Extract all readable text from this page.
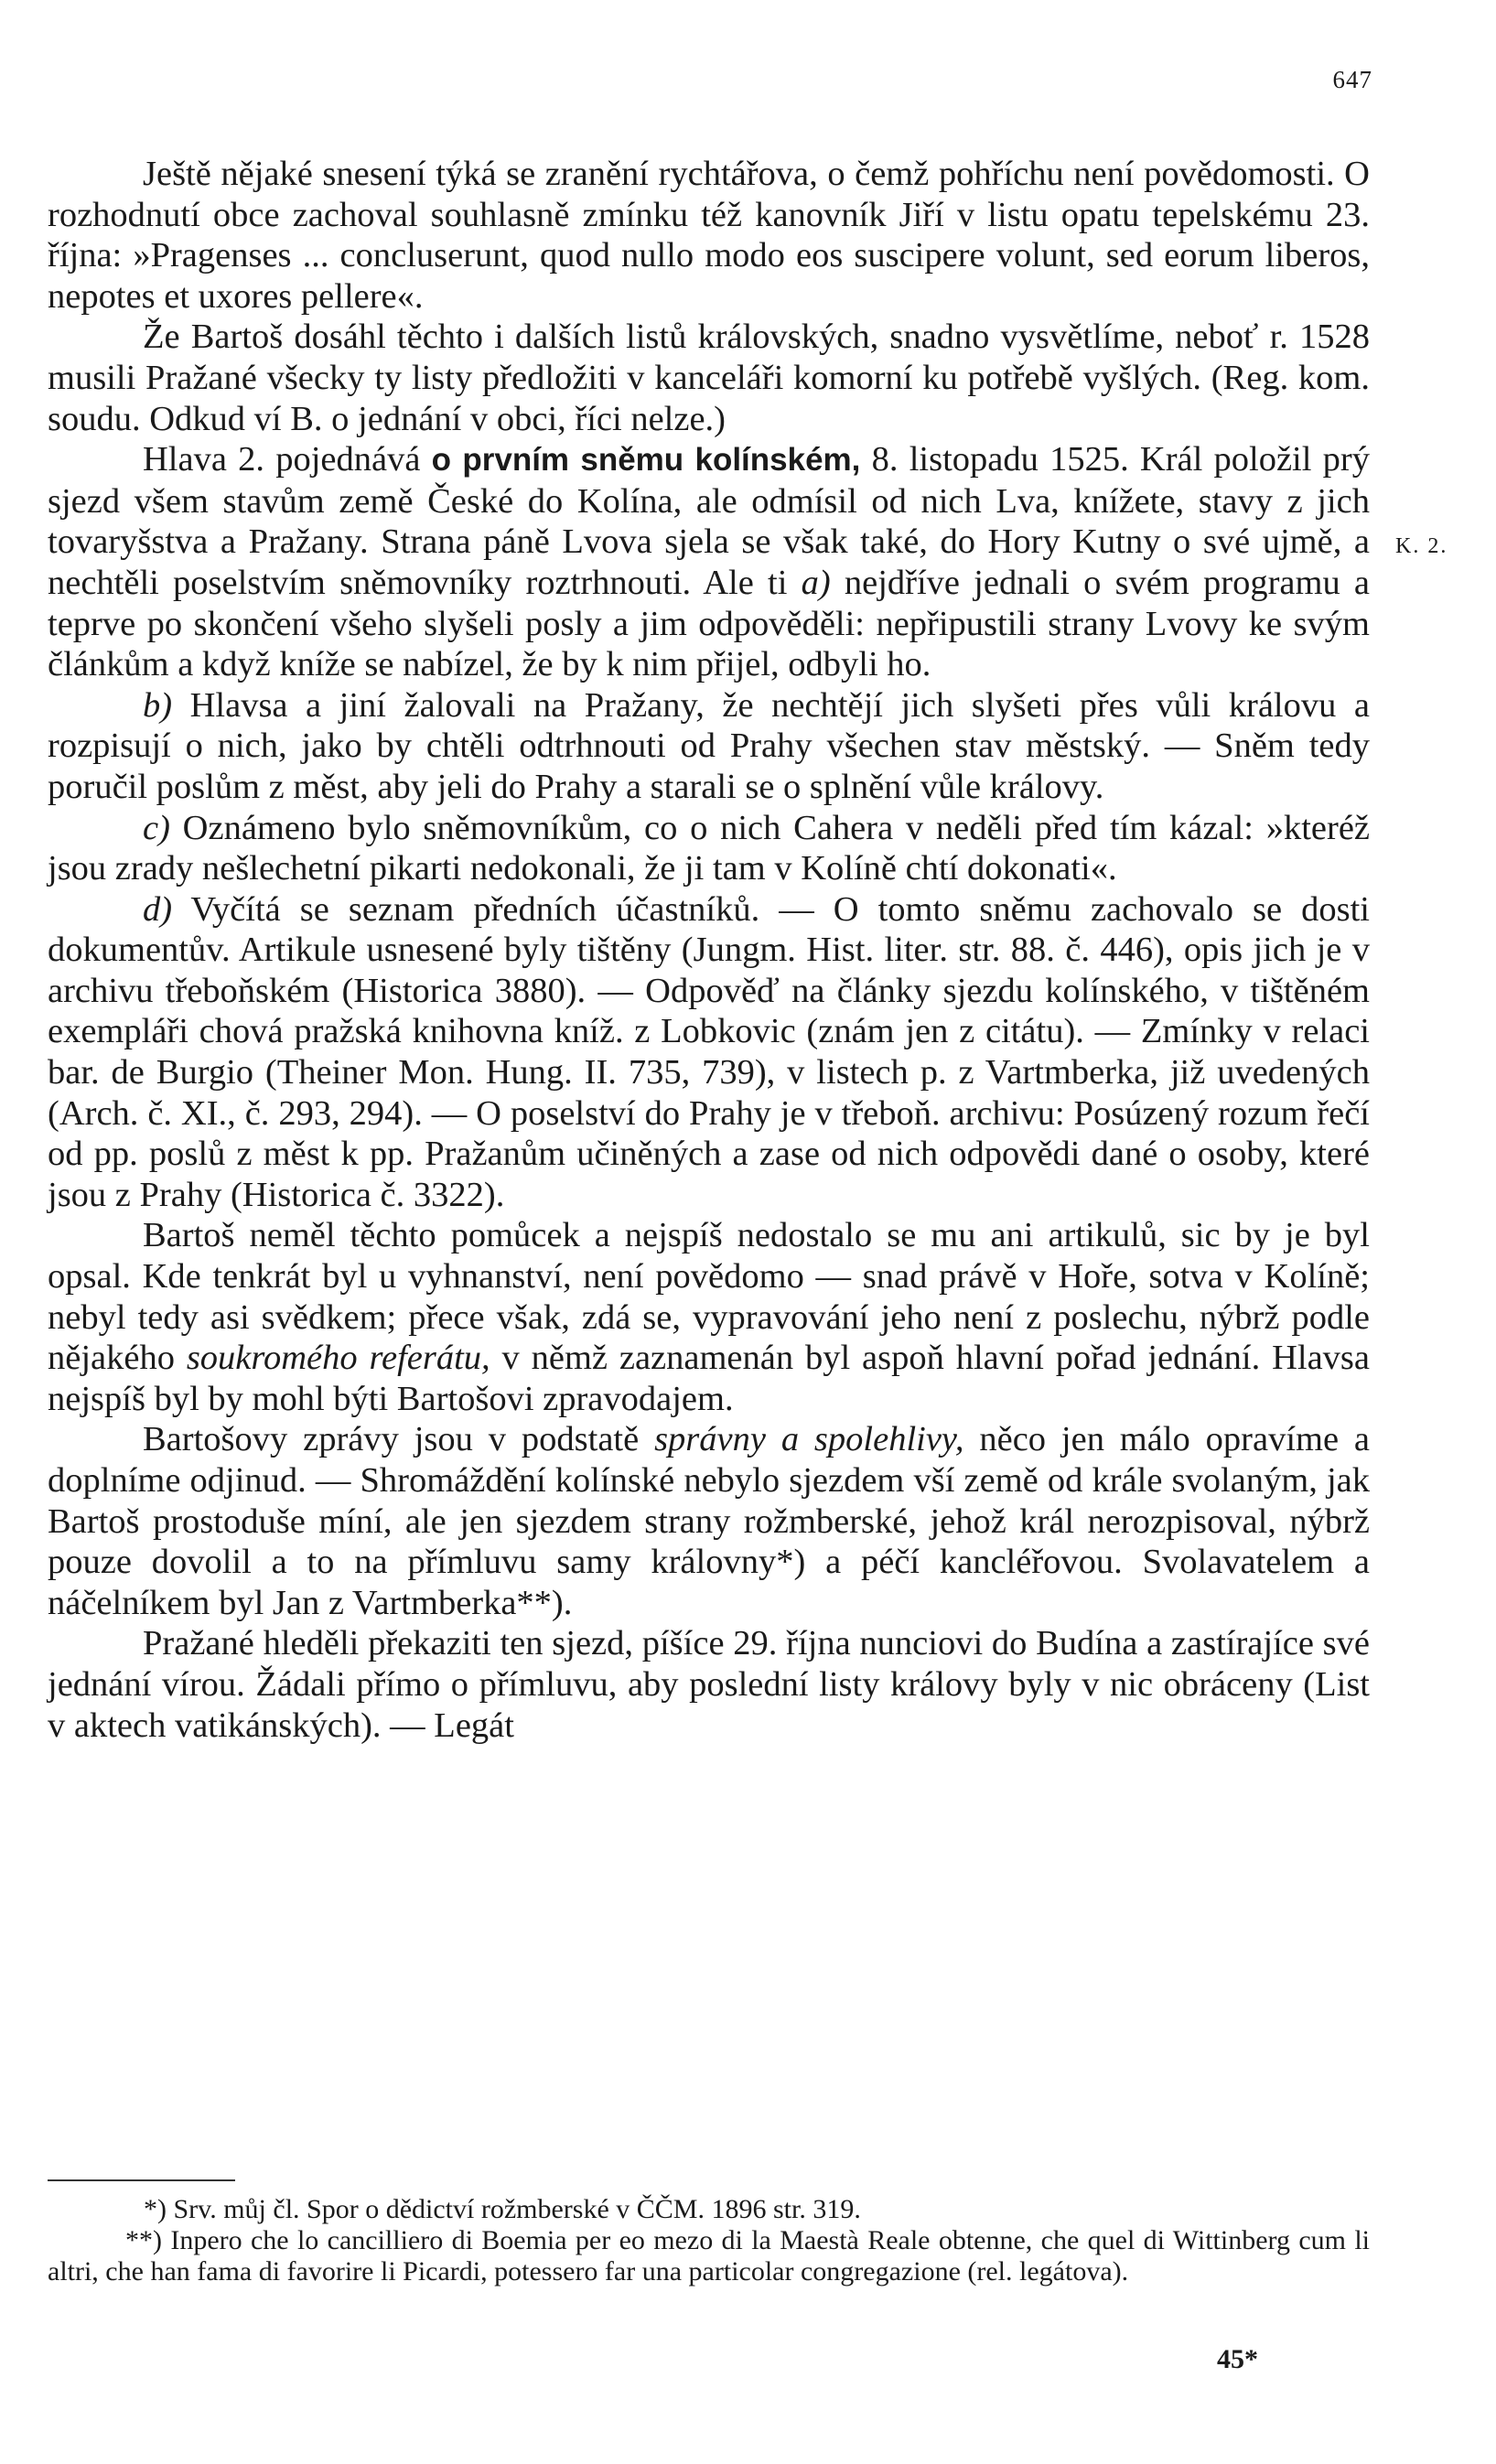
647
K. 2.

Ještě nějaké snesení týká se zranění rychtářova, o čemž pohříchu není povědomosti. O rozhodnutí obce zachoval souhlasně zmínku též kanovník Jiří v listu opatu tepelskému 23. října: »Pragenses ... concluserunt, quod nullo modo eos suscipere volunt, sed eorum liberos, nepotes et uxores pellere«.

Že Bartoš dosáhl těchto i dalších listů královských, snadno vysvětlíme, neboť r. 1528 musili Pražané všecky ty listy předložiti v kanceláři komorní ku potřebě vyšlých. (Reg. kom. soudu. Odkud ví B. o jednání v obci, říci nelze.)

Hlava 2. pojednává o prvním sněmu kolínském, 8. listopadu 1525. Král položil prý sjezd všem stavům země České do Kolína, ale odmísil od nich Lva, knížete, stavy z jich tovaryšstva a Pražany. Strana páně Lvova sjela se však také, do Hory Kutny o své ujmě, a nechtěli poselstvím sněmovníky roztrhnouti. Ale ti a) nejdříve jednali o svém programu a teprve po skončení všeho slyšeli posly a jim odpověděli: nepřipustili strany Lvovy ke svým článkům a když kníže se nabízel, že by k nim přijel, odbyli ho.

b) Hlavsa a jiní žalovali na Pražany, že nechtějí jich slyšeti přes vůli královu a rozpisují o nich, jako by chtěli odtrhnouti od Prahy všechen stav městský. — Sněm tedy poručil poslům z měst, aby jeli do Prahy a starali se o splnění vůle královy.

c) Oznámeno bylo sněmovníkům, co o nich Cahera v neděli před tím kázal: »kteréž jsou zrady nešlechetní pikarti nedokonali, že ji tam v Kolíně chtí dokonati«.

d) Vyčítá se seznam předních účastníků. — O tomto sněmu zachovalo se dosti dokumentův. Artikule usnesené byly tištěny (Jungm. Hist. liter. str. 88. č. 446), opis jich je v archivu třeboňském (Historica 3880). — Odpověď na články sjezdu kolínského, v tištěném exempláři chová pražská knihovna kníž. z Lobkovic (znám jen z citátu). — Zmínky v relaci bar. de Burgio (Theiner Mon. Hung. II. 735, 739), v listech p. z Vartmberka, již uvedených (Arch. č. XI., č. 293, 294). — O poselství do Prahy je v třeboň. archivu: Posúzený rozum řečí od pp. poslů z měst k pp. Pražanům učiněných a zase od nich odpovědi dané o osoby, které jsou z Prahy (Historica č. 3322).

Bartoš neměl těchto pomůcek a nejspíš nedostalo se mu ani artikulů, sic by je byl opsal. Kde tenkrát byl u vyhnanství, není povědomo — snad právě v Hoře, sotva v Kolíně; nebyl tedy asi svědkem; přece však, zdá se, vypravování jeho není z poslechu, nýbrž podle nějakého soukromého referátu, v němž zaznamenán byl aspoň hlavní pořad jednání. Hlavsa nejspíš byl by mohl býti Bartošovi zpravodajem.

Bartošovy zprávy jsou v podstatě správny a spolehlivy, něco jen málo opravíme a doplníme odjinud. — Shromáždění kolínské nebylo sjezdem vší země od krále svolaným, jak Bartoš prostoduše míní, ale jen sjezdem strany rožmberské, jehož král nerozpisoval, nýbrž pouze dovolil a to na přímluvu samy královny*) a péčí kancléřovou. Svolavatelem a náčelníkem byl Jan z Vartmberka**).

Pražané hleděli překaziti ten sjezd, píšíce 29. října nunciovi do Budína a zastírajíce své jednání vírou. Žádali přímo o přímluvu, aby poslední listy královy byly v nic obráceny (List v aktech vatikánských). — Legát

*) Srv. můj čl. Spor o dědictví rožmberské v ČČM. 1896 str. 319.

**) Inpero che lo cancilliero di Boemia per eo mezo di la Maestà Reale obtenne, che quel di Wittinberg cum li altri, che han fama di favorire li Picardi, potessero far una particolar congregazione (rel. legátova).

45*
